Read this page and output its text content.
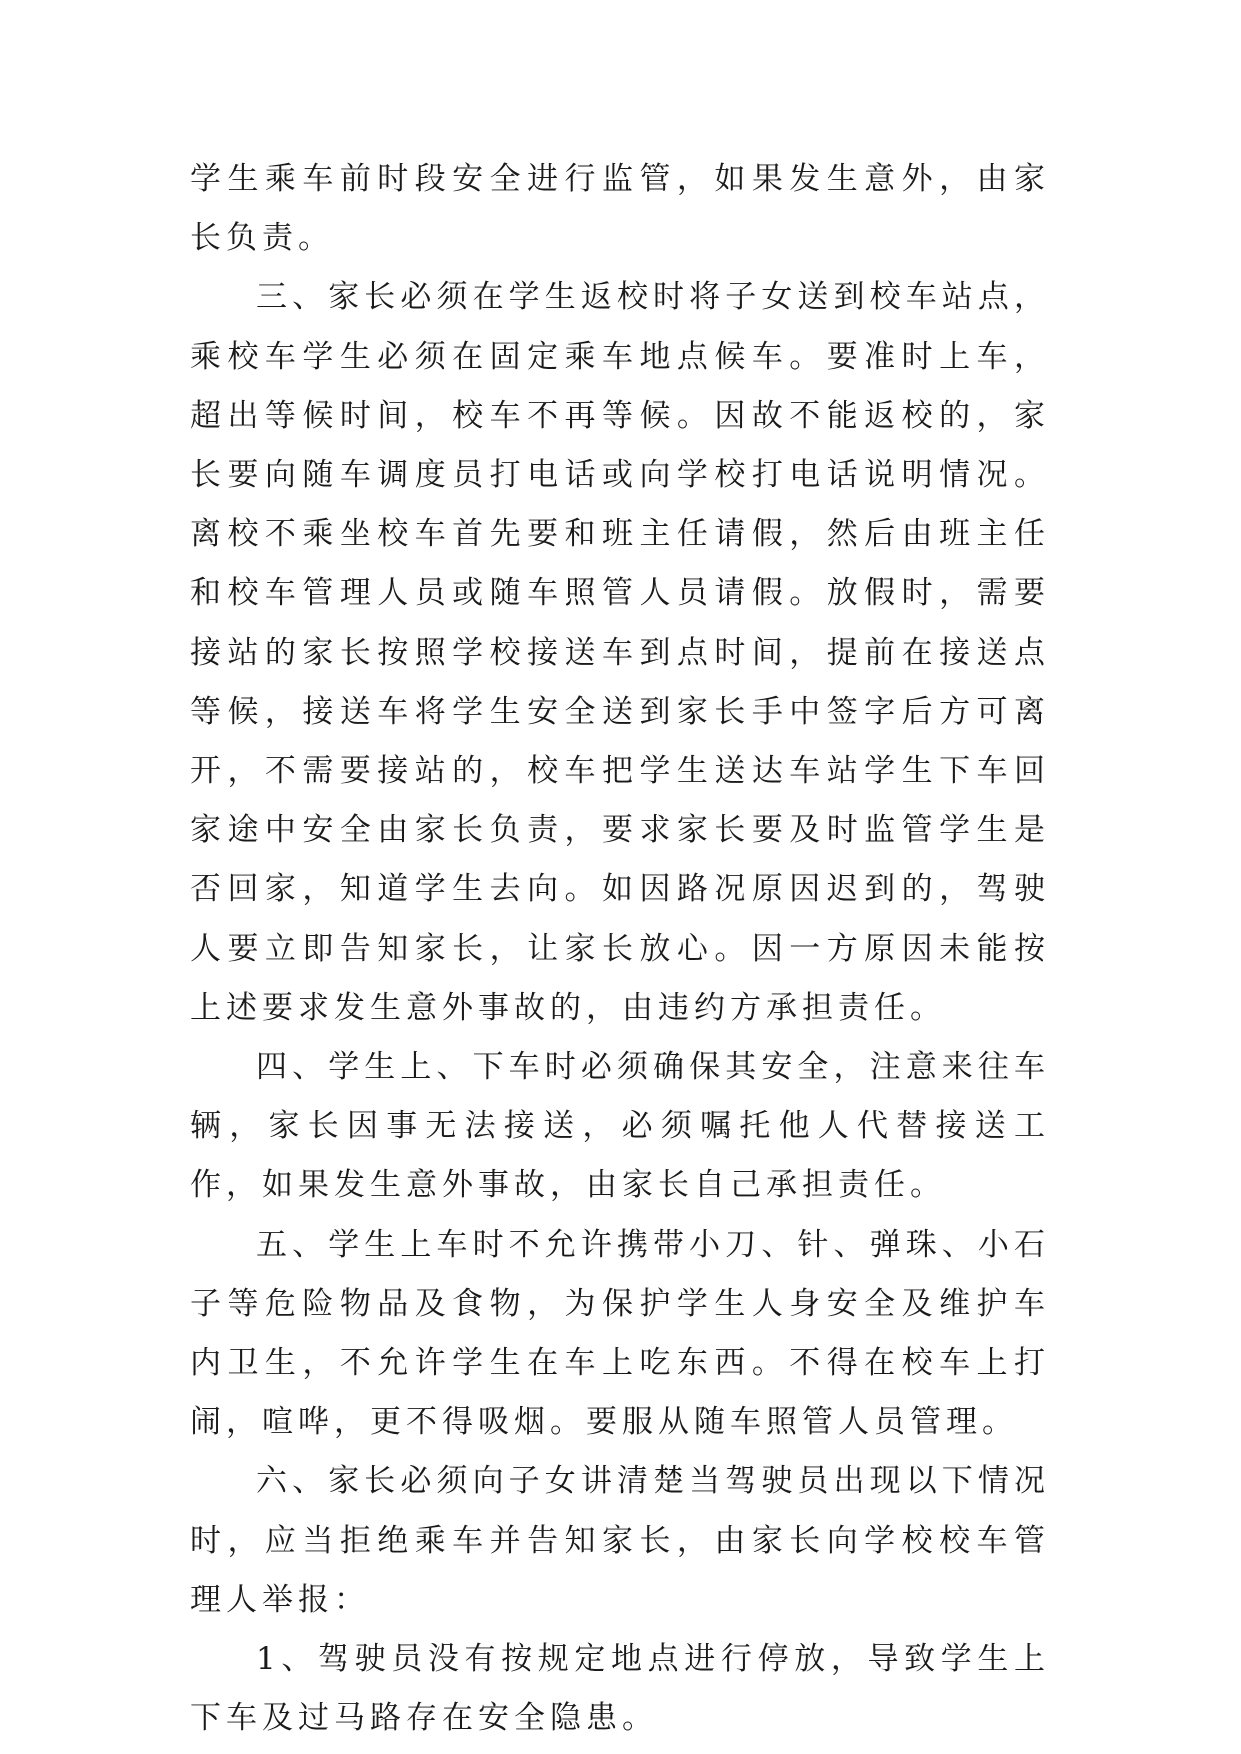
学生乘车前时段安全进行监管，如果发生意外，由家长负责。

三、家长必须在学生返校时将子女送到校车站点，乘校车学生必须在固定乘车地点候车。要准时上车，超出等候时间，校车不再等候。因故不能返校的，家长要向随车调度员打电话或向学校打电话说明情况。离校不乘坐校车首先要和班主任请假，然后由班主任和校车管理人员或随车照管人员请假。放假时，需要接站的家长按照学校接送车到点时间，提前在接送点等候，接送车将学生安全送到家长手中签字后方可离开，不需要接站的，校车把学生送达车站学生下车回家途中安全由家长负责，要求家长要及时监管学生是否回家，知道学生去向。如因路况原因迟到的，驾驶人要立即告知家长，让家长放心。因一方原因未能按上述要求发生意外事故的，由违约方承担责任。

四、学生上、下车时必须确保其安全，注意来往车辆，家长因事无法接送，必须嘱托他人代替接送工作，如果发生意外事故，由家长自己承担责任。

五、学生上车时不允许携带小刀、针、弹珠、小石子等危险物品及食物，为保护学生人身安全及维护车内卫生，不允许学生在车上吃东西。不得在校车上打闹，喧哗，更不得吸烟。要服从随车照管人员管理。

六、家长必须向子女讲清楚当驾驶员出现以下情况时，应当拒绝乘车并告知家长，由家长向学校校车管理人举报：

1、驾驶员没有按规定地点进行停放，导致学生上下车及过马路存在安全隐患。
